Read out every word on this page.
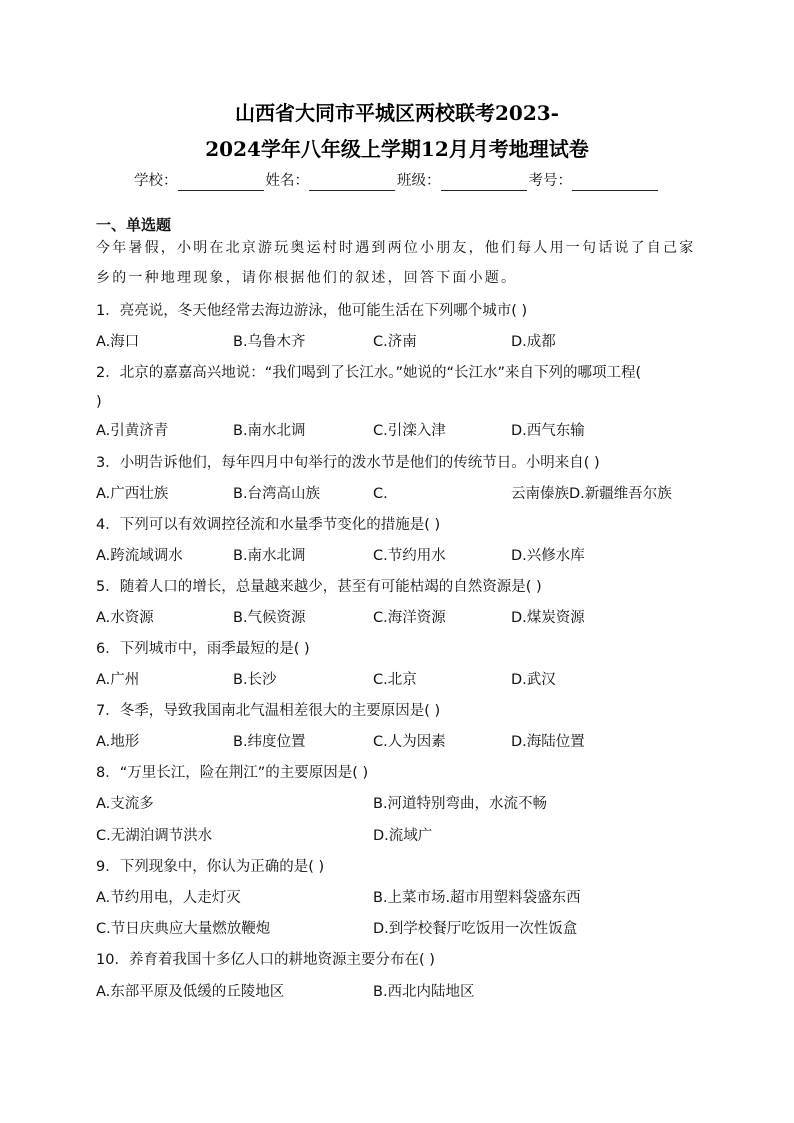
山西省大同市平城区两校联考2023-
2024学年八年级上学期12月月考地理试卷
学校：	姓名：	班级：	考号：
一、单选题
今年暑假，小明在北京游玩奥运村时遇到两位小朋友，他们每人用一句话说了自己家
乡的一种地理现象，请你根据他们的叙述，回答下面小题。
1．亮亮说，冬天他经常去海边游泳，他可能生活在下列哪个城市( )
A.海口	B.乌鲁木齐	C.济南	D.成都
2．北京的嘉嘉高兴地说：“我们喝到了长江水。”她说的“长江水”来自下列的哪项工程(
)
A.引黄济青	B.南水北调	C.引滦入津	D.西气东输
3．小明告诉他们，每年四月中旬举行的泼水节是他们的传统节日。小明来自( )
A.广西壮族	B.台湾高山族	C.	云南傣族D.新疆维吾尔族
4．下列可以有效调控径流和水量季节变化的措施是( )
A.跨流域调水	B.南水北调	C.节约用水	D.兴修水库
5．随着人口的增长，总量越来越少，甚至有可能枯竭的自然资源是( )
A.水资源	B.气候资源	C.海洋资源	D.煤炭资源
6．下列城市中，雨季最短的是( )
A.广州	B.长沙	C.北京	D.武汉
7．冬季，导致我国南北气温相差很大的主要原因是( )
A.地形	B.纬度位置	C.人为因素	D.海陆位置
8．“万里长江，险在荆江”的主要原因是( )
A.支流多	B.河道特别弯曲，水流不畅
C.无湖泊调节洪水	D.流域广
9．下列现象中，你认为正确的是( )
A.节约用电，人走灯灭	B.上菜市场.超市用塑料袋盛东西
C.节日庆典应大量燃放鞭炮	D.到学校餐厅吃饭用一次性饭盒
10．养育着我国十多亿人口的耕地资源主要分布在( )
A.东部平原及低缓的丘陵地区	B.西北内陆地区
